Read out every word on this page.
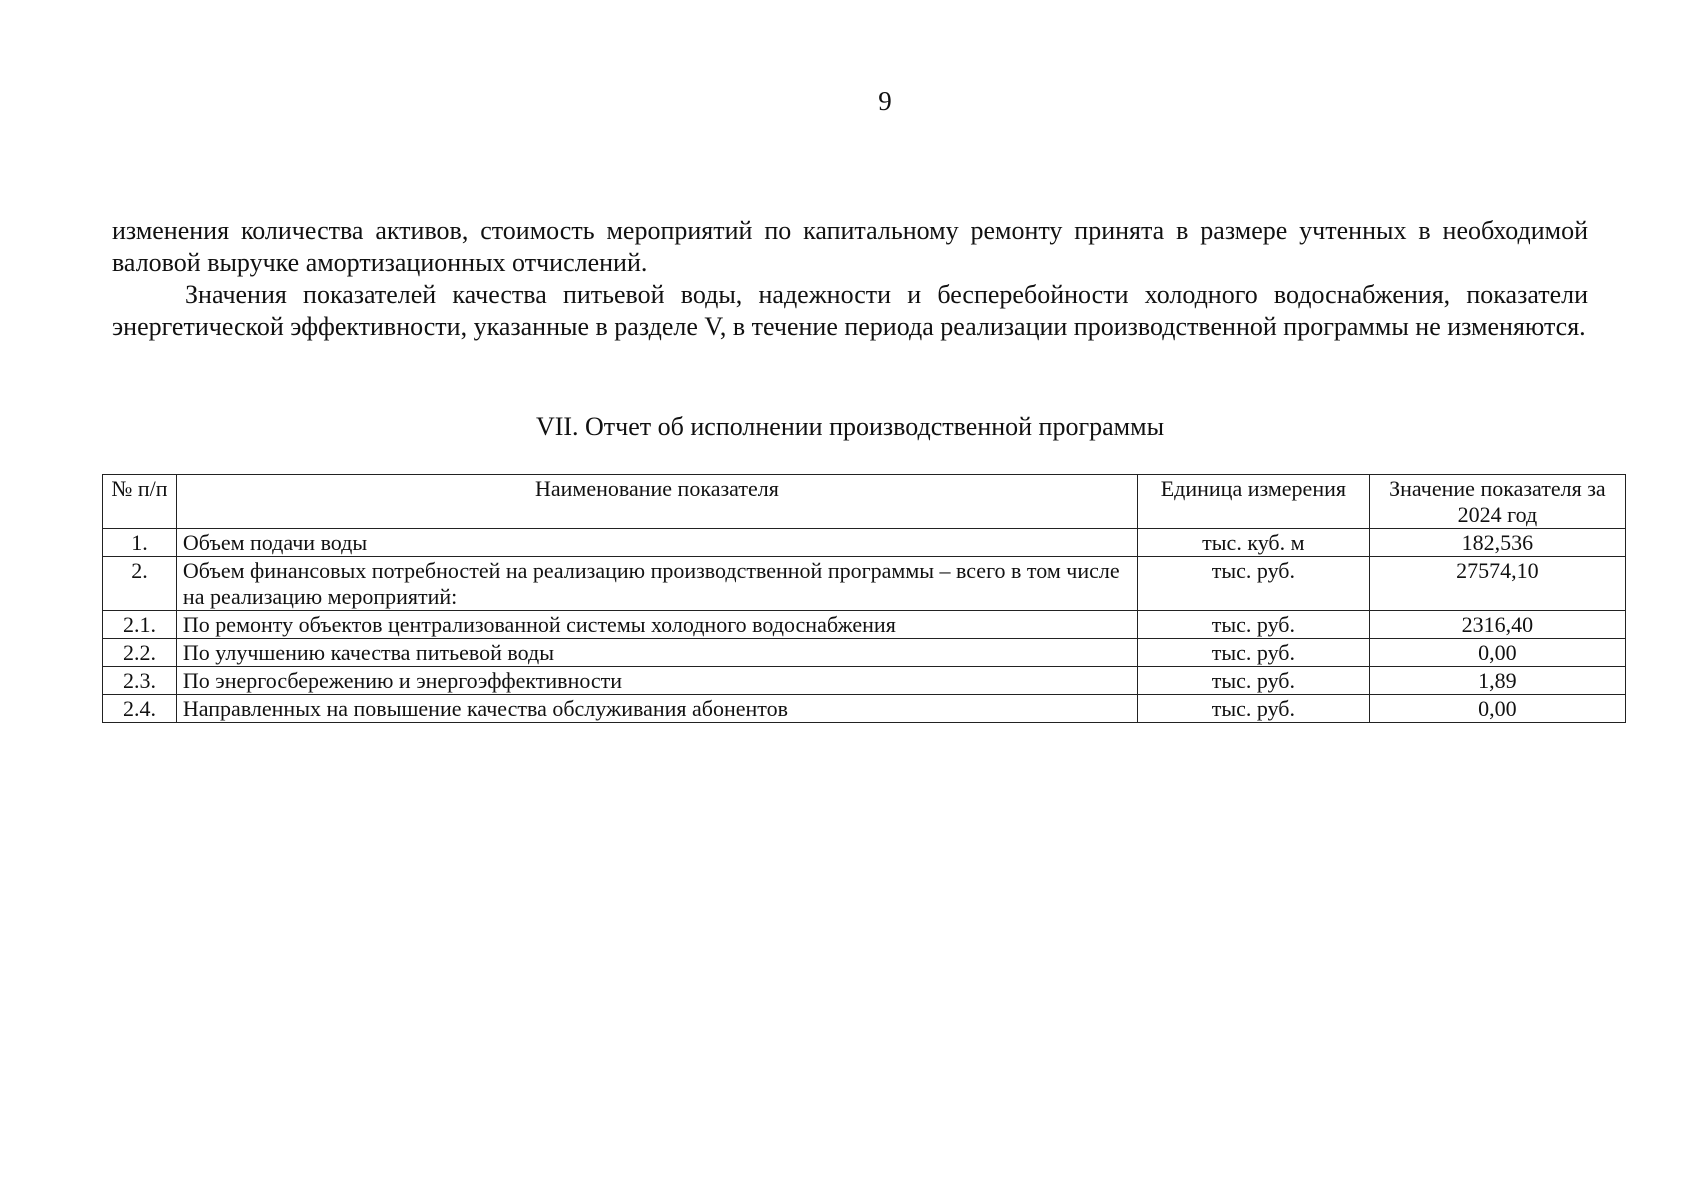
9

изменения количества активов, стоимость мероприятий по капитальному ремонту принята в размере учтенных в необходимой валовой выручке амортизационных отчислений.

Значения показателей качества питьевой воды, надежности и бесперебойности холодного водоснабжения, показатели энергетической эффективности, указанные в разделе V, в течение периода реализации производственной программы не изменяются.

VII. Отчет об исполнении производственной программы
№ п/п	Наименование показателя	Единица измерения	Значение показателя за 2024 год
1.	Объем подачи воды	тыс. куб. м	182,536
2.	Объем финансовых потребностей на реализацию производственной программы – всего в том числе на реализацию мероприятий:	тыс. руб.	27574,10
2.1.	По ремонту объектов централизованной системы холодного водоснабжения	тыс. руб.	2316,40
2.2.	По улучшению качества питьевой воды	тыс. руб.	0,00
2.3.	По энергосбережению и энергоэффективности	тыс. руб.	1,89
2.4.	Направленных на повышение качества обслуживания абонентов	тыс. руб.	0,00
